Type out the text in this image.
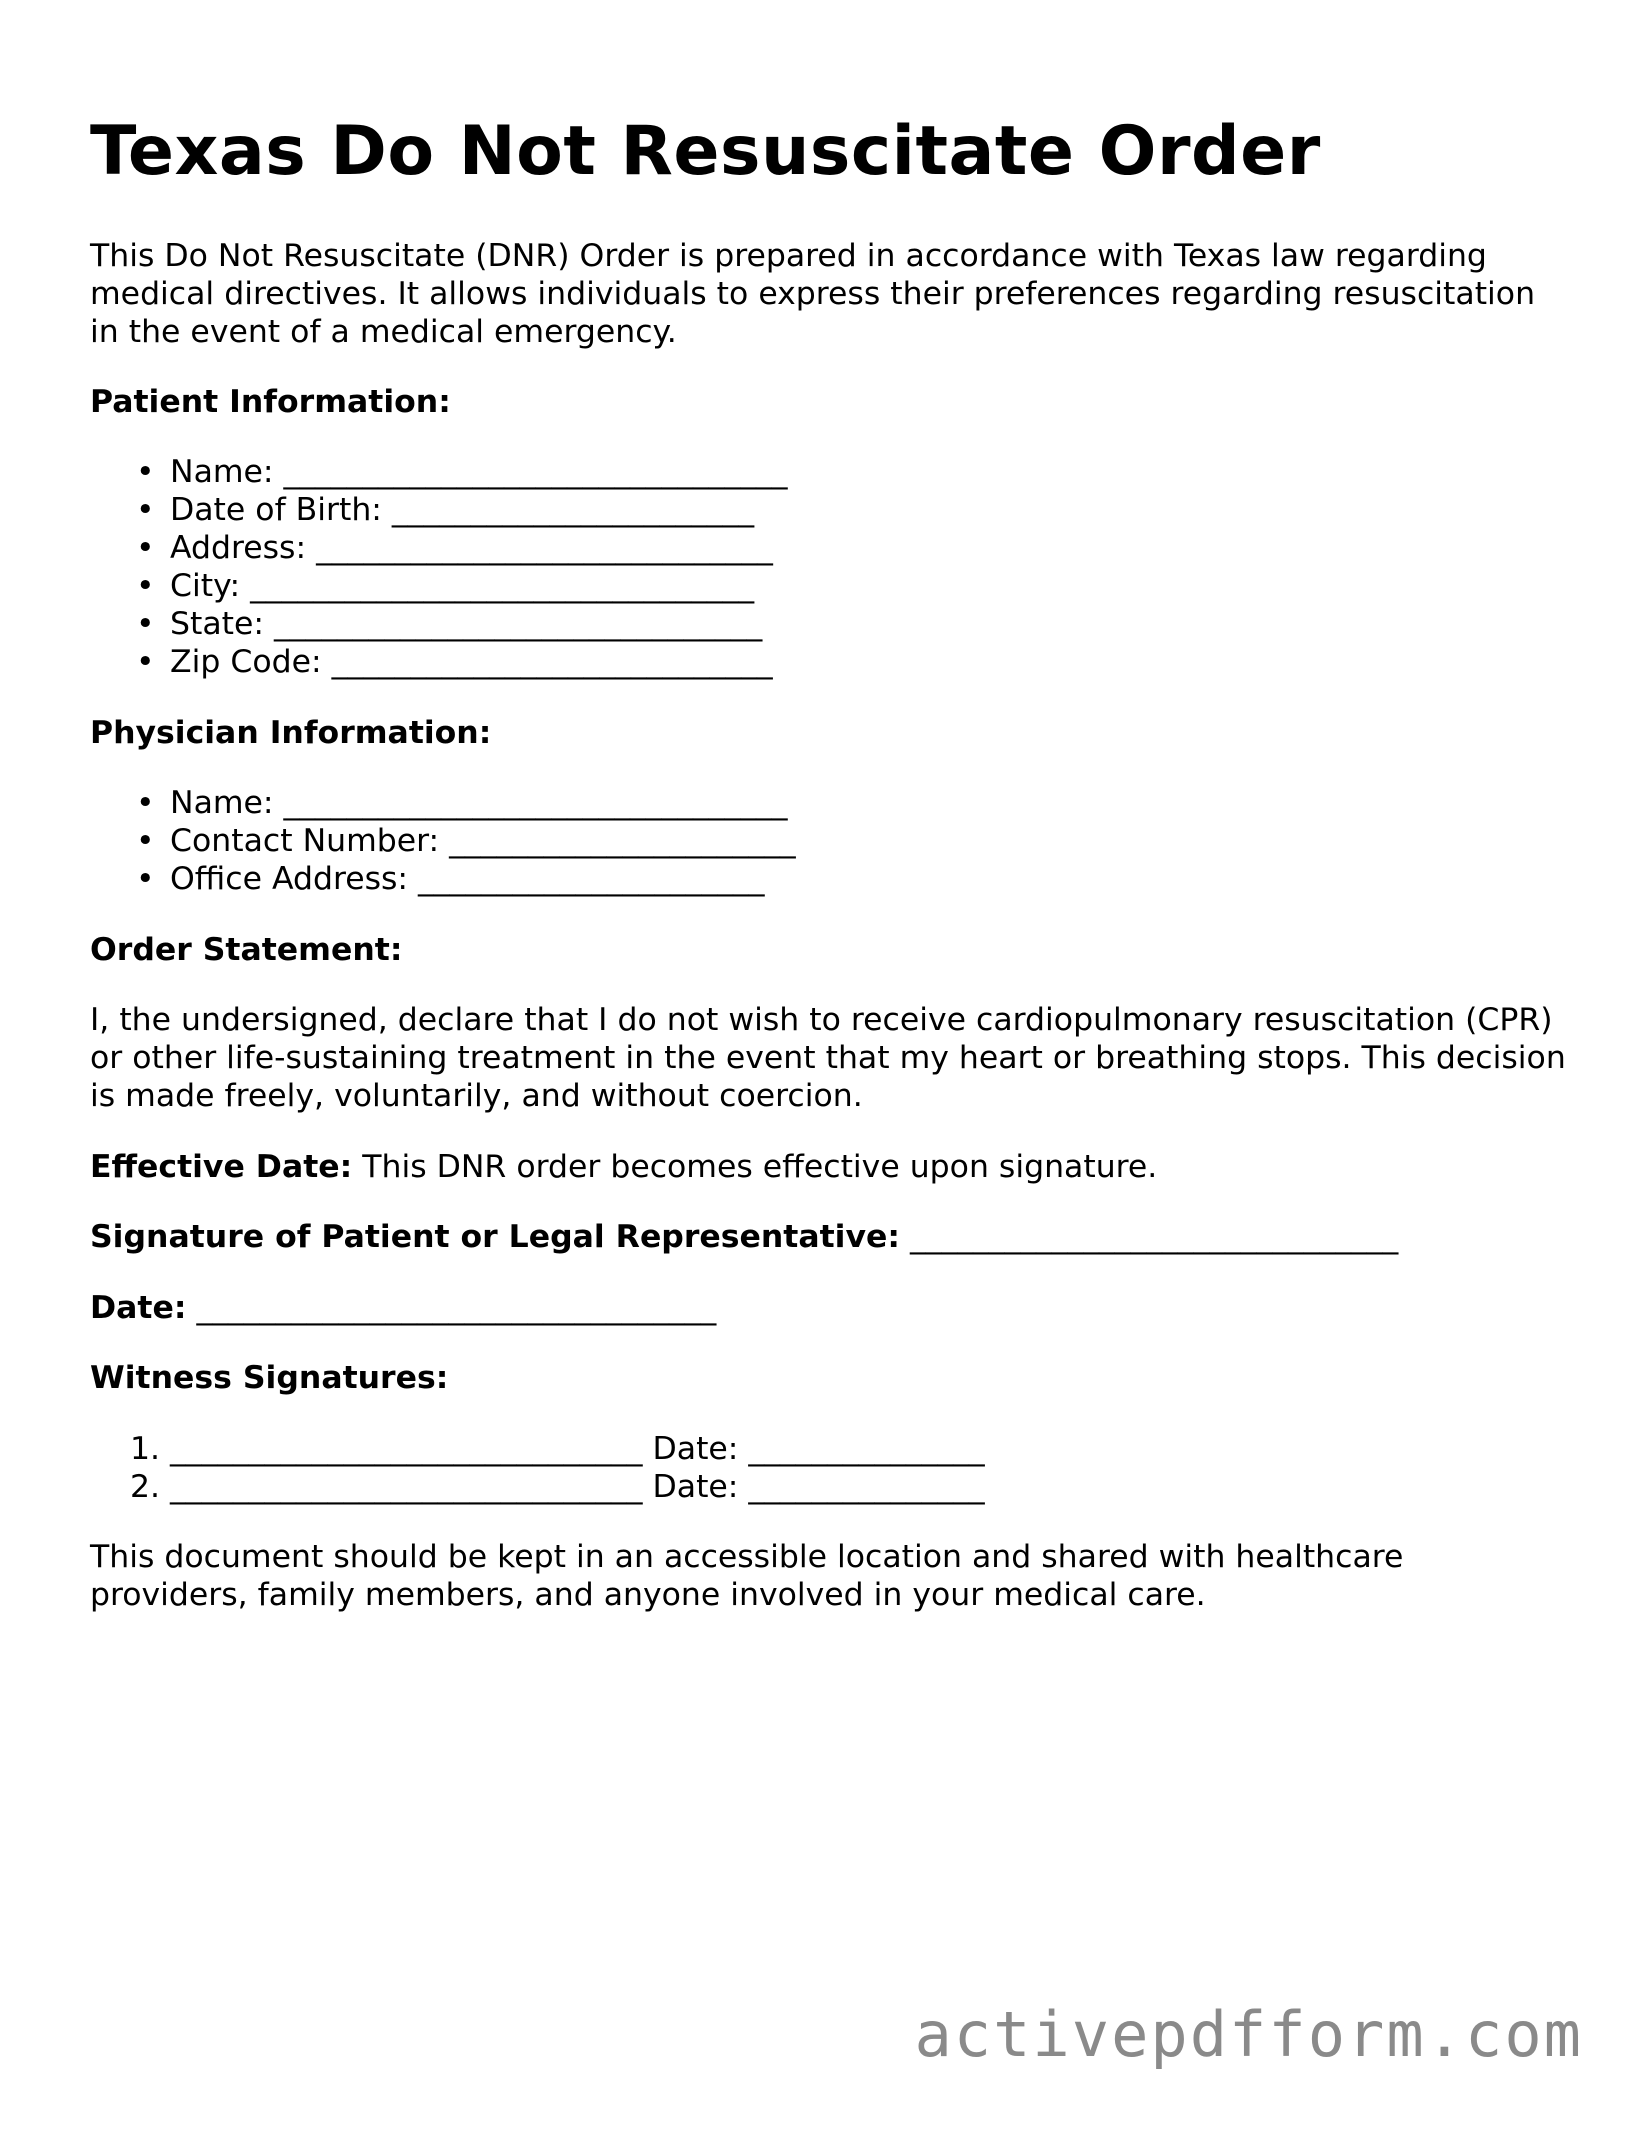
Texas Do Not Resuscitate Order

This Do Not Resuscitate (DNR) Order is prepared in accordance with Texas law regarding medical directives. It allows individuals to express their preferences regarding resuscitation in the event of a medical emergency.

Patient Information:
• Name: ________________________________
• Date of Birth: _______________________
• Address: _____________________________
• City: ________________________________
• State: _______________________________
• Zip Code: ____________________________
Physician Information:
• Name: ________________________________
• Contact Number: ______________________
• Office Address: ______________________
Order Statement:

I, the undersigned, declare that I do not wish to receive cardiopulmonary resuscitation (CPR) or other life-sustaining treatment in the event that my heart or breathing stops. This decision is made freely, voluntarily, and without coercion.

Effective Date: This DNR order becomes effective upon signature.
Signature of Patient or Legal Representative: _______________________________
Date: _________________________________
Witness Signatures:
1. ______________________________ Date: _______________
2. ______________________________ Date: _______________

This document should be kept in an accessible location and shared with healthcare providers, family members, and anyone involved in your medical care.

activepdfform.com
